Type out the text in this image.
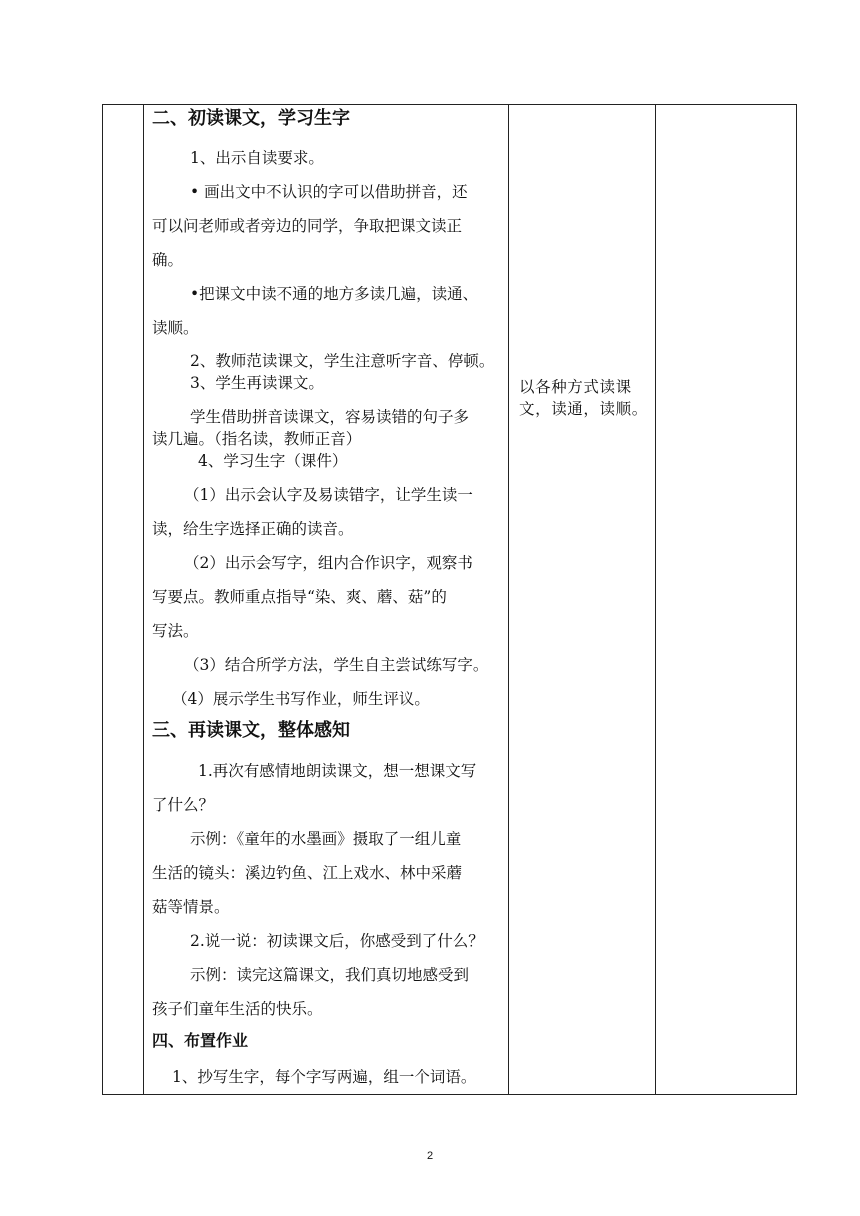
二、初读课文，学习生字
1、出示自读要求。
• 画出文中不认识的字可以借助拼音，还
可以问老师或者旁边的同学，争取把课文读正
确。
•把课文中读不通的地方多读几遍，读通、
读顺。
2、教师范读课文，学生注意听字音、停顿。
3、学生再读课文。
学生借助拼音读课文，容易读错的句子多
读几遍。（指名读，教师正音）
4、学习生字（课件）
（1）出示会认字及易读错字，让学生读一
读，给生字选择正确的读音。
（2）出示会写字，组内合作识字，观察书
写要点。教师重点指导“染、爽、蘑、菇”的
写法。
（3）结合所学方法，学生自主尝试练写字。
（4）展示学生书写作业，师生评议。
三、再读课文，整体感知
1.再次有感情地朗读课文，想一想课文写
了什么？
示例：《童年的水墨画》摄取了一组儿童
生活的镜头：溪边钓鱼、江上戏水、林中采蘑
菇等情景。
2.说一说：初读课文后，你感受到了什么？
示例：读完这篇课文，我们真切地感受到
孩子们童年生活的快乐。
四、布置作业
1、抄写生字，每个字写两遍，组一个词语。
以各种方式读课
文，读通，读顺。
2
